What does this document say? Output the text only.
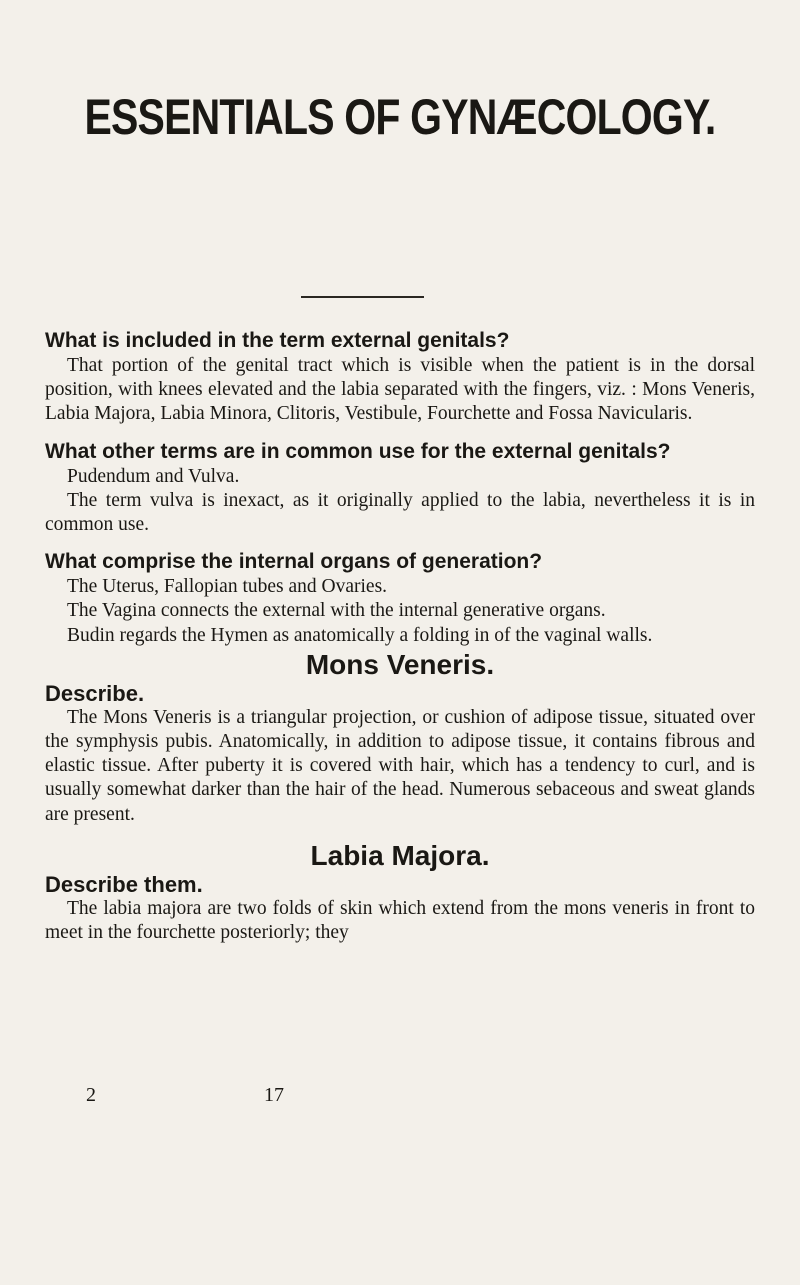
ESSENTIALS OF GYNÆCOLOGY.
What is included in the term external genitals?
That portion of the genital tract which is visible when the patient is in the dorsal position, with knees elevated and the labia separated with the fingers, viz. : Mons Veneris, Labia Majora, Labia Minora, Clitoris, Vestibule, Fourchette and Fossa Navicularis.
What other terms are in common use for the external genitals?
Pudendum and Vulva.
The term vulva is inexact, as it originally applied to the labia, nevertheless it is in common use.
What comprise the internal organs of generation?
The Uterus, Fallopian tubes and Ovaries.
The Vagina connects the external with the internal generative organs.
Budin regards the Hymen as anatomically a folding in of the vaginal walls.
Mons Veneris.
Describe.
The Mons Veneris is a triangular projection, or cushion of adipose tissue, situated over the symphysis pubis. Anatomically, in addition to adipose tissue, it contains fibrous and elastic tissue. After puberty it is covered with hair, which has a tendency to curl, and is usually somewhat darker than the hair of the head. Numerous sebaceous and sweat glands are present.
Labia Majora.
Describe them.
The labia majora are two folds of skin which extend from the mons veneris in front to meet in the fourchette posteriorly; they
2	17
